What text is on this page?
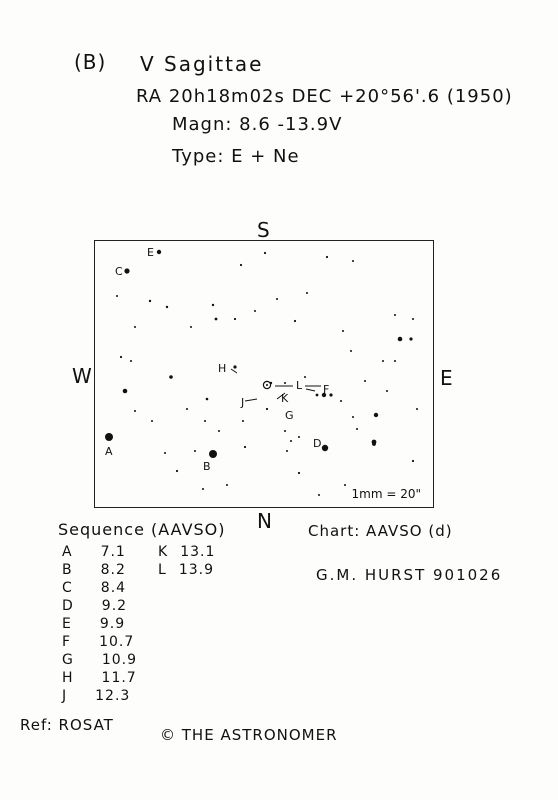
(B) V Sagittae
RA 20h18m02s DEC +20°56'.6 (1950)
Magn: 8.6 -13.9V
Type: E + Ne
S
N
W	E
A
B
C
D
E
F
G
H
J	K
L
1mm = 20"
Sequence (AAVSO)
A 7.1
B 8.2
C 8.4
D 9.2
E 9.9
F 10.7
G 10.9
H 11.7
J 12.3
K 13.1
L 13.9
Chart: AAVSO (d)
G.M. HURST 901026
Ref: ROSAT
© THE ASTRONOMER
